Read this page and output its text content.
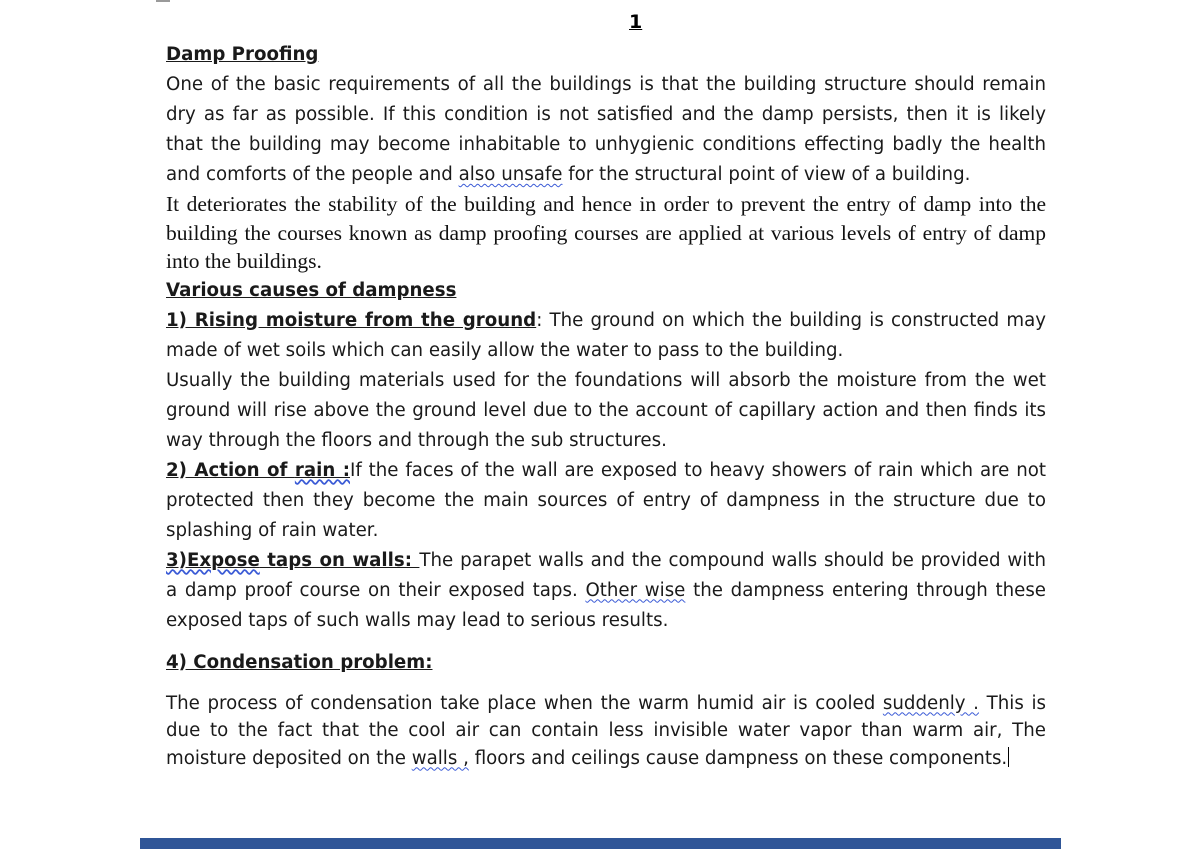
1

Damp Proofing

One of the basic requirements of all the buildings is that the building structure should remain dry as far as possible. If this condition is not satisfied and the damp persists, then it is likely that the building may become inhabitable to unhygienic conditions effecting badly the health and comforts of the people and also unsafe for the structural point of view of a building.

It deteriorates the stability of the building and hence in order to prevent the entry of damp into the building the courses known as damp proofing courses are applied at various levels of entry of damp into the buildings.

Various causes of dampness

1) Rising moisture from the ground: The ground on which the building is constructed may made of wet soils which can easily allow the water to pass to the building.

Usually the building materials used for the foundations will absorb the moisture from the wet ground will rise above the ground level due to the account of capillary action and then finds its way through the floors and through the sub structures.

2) Action of rain :If the faces of the wall are exposed to heavy showers of rain which are not protected then they become the main sources of entry of dampness in the structure due to splashing of rain water.

3)Expose taps on walls: The parapet walls and the compound walls should be provided with a damp proof course on their exposed taps. Other wise the dampness entering through these exposed taps of such walls may lead to serious results.

4) Condensation problem:

The process of condensation take place when the warm humid air is cooled suddenly . This is due to the fact that the cool air can contain less invisible water vapor than warm air, The moisture deposited on the walls , floors and ceilings cause dampness on these components.
